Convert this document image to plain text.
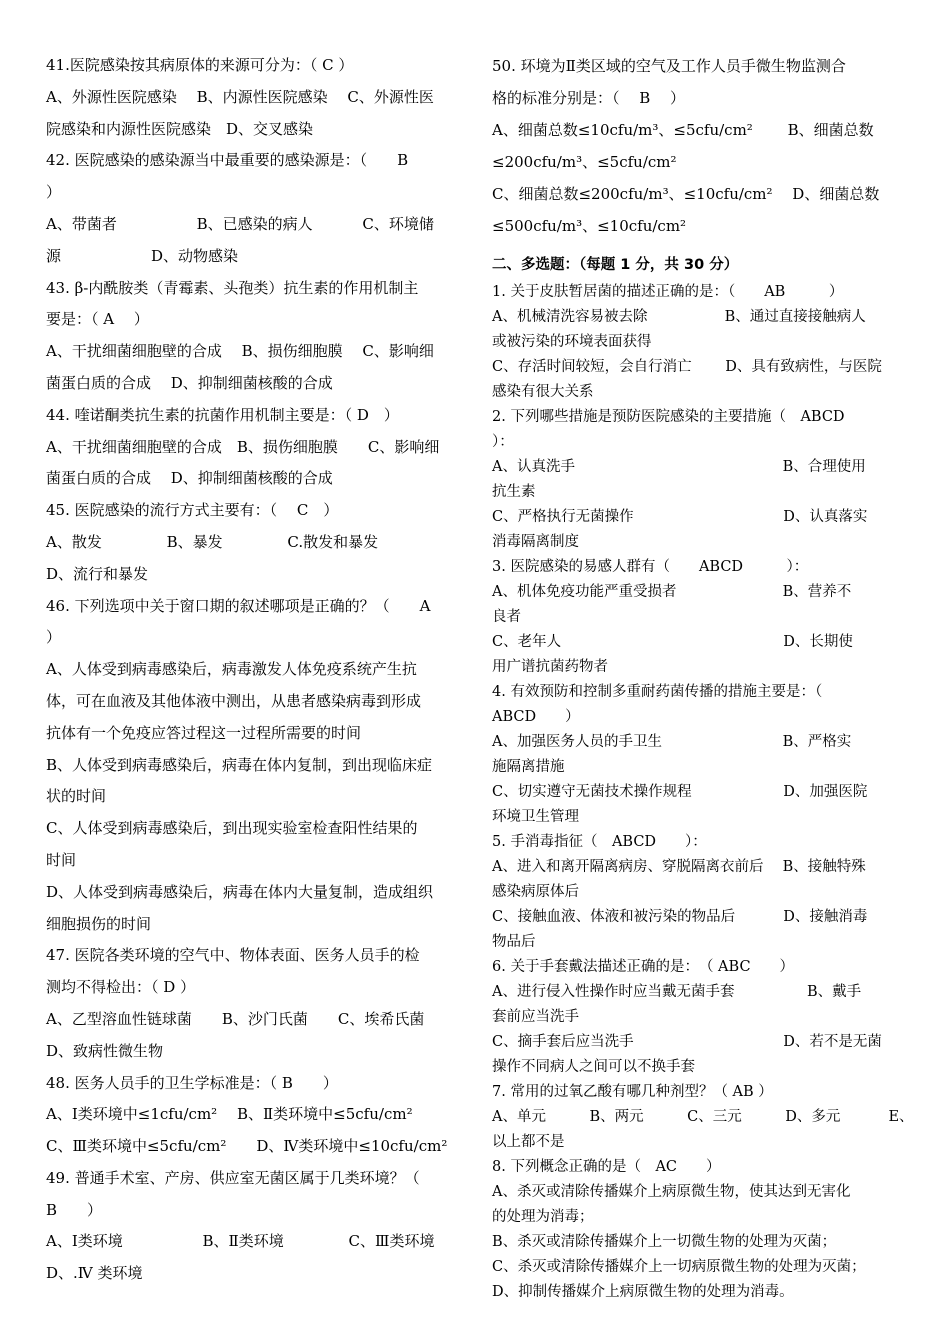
41.医院感染按其病原体的来源可分为：（ C ）
A、外源性医院感染　 B、内源性医院感染　 C、外源性医
院感染和内源性医院感染　D、交叉感染
42. 医院感染的感染源当中最重要的感染源是：（　　B
）
A、带菌者　　　　　 B、已感染的病人　　　 C、环境储
源　　　　　　D、动物感染
43. β-内酰胺类（青霉素、头孢类）抗生素的作用机制主
要是：（ A　 ）
A、干扰细菌细胞壁的合成　 B、损伤细胞膜　 C、影响细
菌蛋白质的合成　 D、抑制细菌核酸的合成
44. 喹诺酮类抗生素的抗菌作用机制主要是：（ D　）
A、干扰细菌细胞壁的合成　B、损伤细胞膜　　C、影响细
菌蛋白质的合成　 D、抑制细菌核酸的合成
45. 医院感染的流行方式主要有：（　 C　）
A、散发　　　　 B、暴发　　　　 C.散发和暴发
D、流行和暴发
46. 下列选项中关于窗口期的叙述哪项是正确的？（　　A
）
A、人体受到病毒感染后，病毒激发人体免疫系统产生抗
体，可在血液及其他体液中测出，从患者感染病毒到形成
抗体有一个免疫应答过程这一过程所需要的时间
B、人体受到病毒感染后，病毒在体内复制，到出现临床症
状的时间
C、人体受到病毒感染后，到出现实验室检查阳性结果的
时间
D、人体受到病毒感染后，病毒在体内大量复制，造成组织
细胞损伤的时间
47. 医院各类环境的空气中、物体表面、医务人员手的检
测均不得检出：（ D ）
A、乙型溶血性链球菌　　B、沙门氏菌　　C、埃希氏菌
D、致病性微生物
48. 医务人员手的卫生学标准是：（ B　　）
A、Ⅰ类环境中≤1cfu/cm²　 B、Ⅱ类环境中≤5cfu/cm²
C、Ⅲ类环境中≤5cfu/cm²　　D、Ⅳ类环境中≤10cfu/cm²
49. 普通手术室、产房、供应室无菌区属于几类环境？（
B　　）
A、Ⅰ类环境　　　　　 B、Ⅱ类环境　　　　 C、Ⅲ类环境
D、.Ⅳ 类环境
50. 环境为Ⅱ类区域的空气及工作人员手微生物监测合
格的标准分别是：（　 B　 ）
A、细菌总数≤10cfu/m³、≤5cfu/cm²　　 B、细菌总数
≤200cfu/m³、≤5cfu/cm²
C、细菌总数≤200cfu/m³、≤10cfu/cm²　 D、细菌总数
≤500cfu/m³、≤10cfu/cm²
二、多选题：（每题 1 分，共 30 分）
1. 关于皮肤暂居菌的描述正确的是：（　　AB　　　）
A、机械清洗容易被去除　　　　　 B、通过直接接触病人
或被污染的环境表面获得
C、存活时间较短，会自行消亡　　 D、具有致病性，与医院
感染有很大关系
2. 下列哪些措施是预防医院感染的主要措施（　ABCD
）：
A、认真洗手　　　　　　　　　　　　　　 B、合理使用
抗生素
C、严格执行无菌操作　　　　　　　　　　 D、认真落实
消毒隔离制度
3. 医院感染的易感人群有（　　ABCD　　　）：
A、机体免疫功能严重受损者　　　　　　　 B、营养不
良者
C、老年人　　　　　　　　　　　　　　　 D、长期使
用广谱抗菌药物者
4. 有效预防和控制多重耐药菌传播的措施主要是：（
ABCD　　）
A、加强医务人员的手卫生　　　　　　　　 B、严格实
施隔离措施
C、切实遵守无菌技术操作规程　　　　　　 D、加强医院
环境卫生管理
5. 手消毒指征（　ABCD　　）：
A、进入和离开隔离病房、穿脱隔离衣前后　 B、接触特殊
感染病原体后
C、接触血液、体液和被污染的物品后　　　 D、接触消毒
物品后
6. 关于手套戴法描述正确的是：　（ ABC　　）
A、进行侵入性操作时应当戴无菌手套　　　　　B、戴手
套前应当洗手
C、摘手套后应当洗手　　　　　　　　　　 D、若不是无菌
操作不同病人之间可以不换手套
7. 常用的过氧乙酸有哪几种剂型？（ AB ）
A、单元　　　B、两元　　　C、三元　　　D、多元　　　 E、
以上都不是
8. 下列概念正确的是（　AC　　）
A、杀灭或清除传播媒介上病原微生物，使其达到无害化
的处理为消毒；
B、杀灭或清除传播媒介上一切微生物的处理为灭菌；
C、杀灭或清除传播媒介上一切病原微生物的处理为灭菌；
D、抑制传播媒介上病原微生物的处理为消毒。
